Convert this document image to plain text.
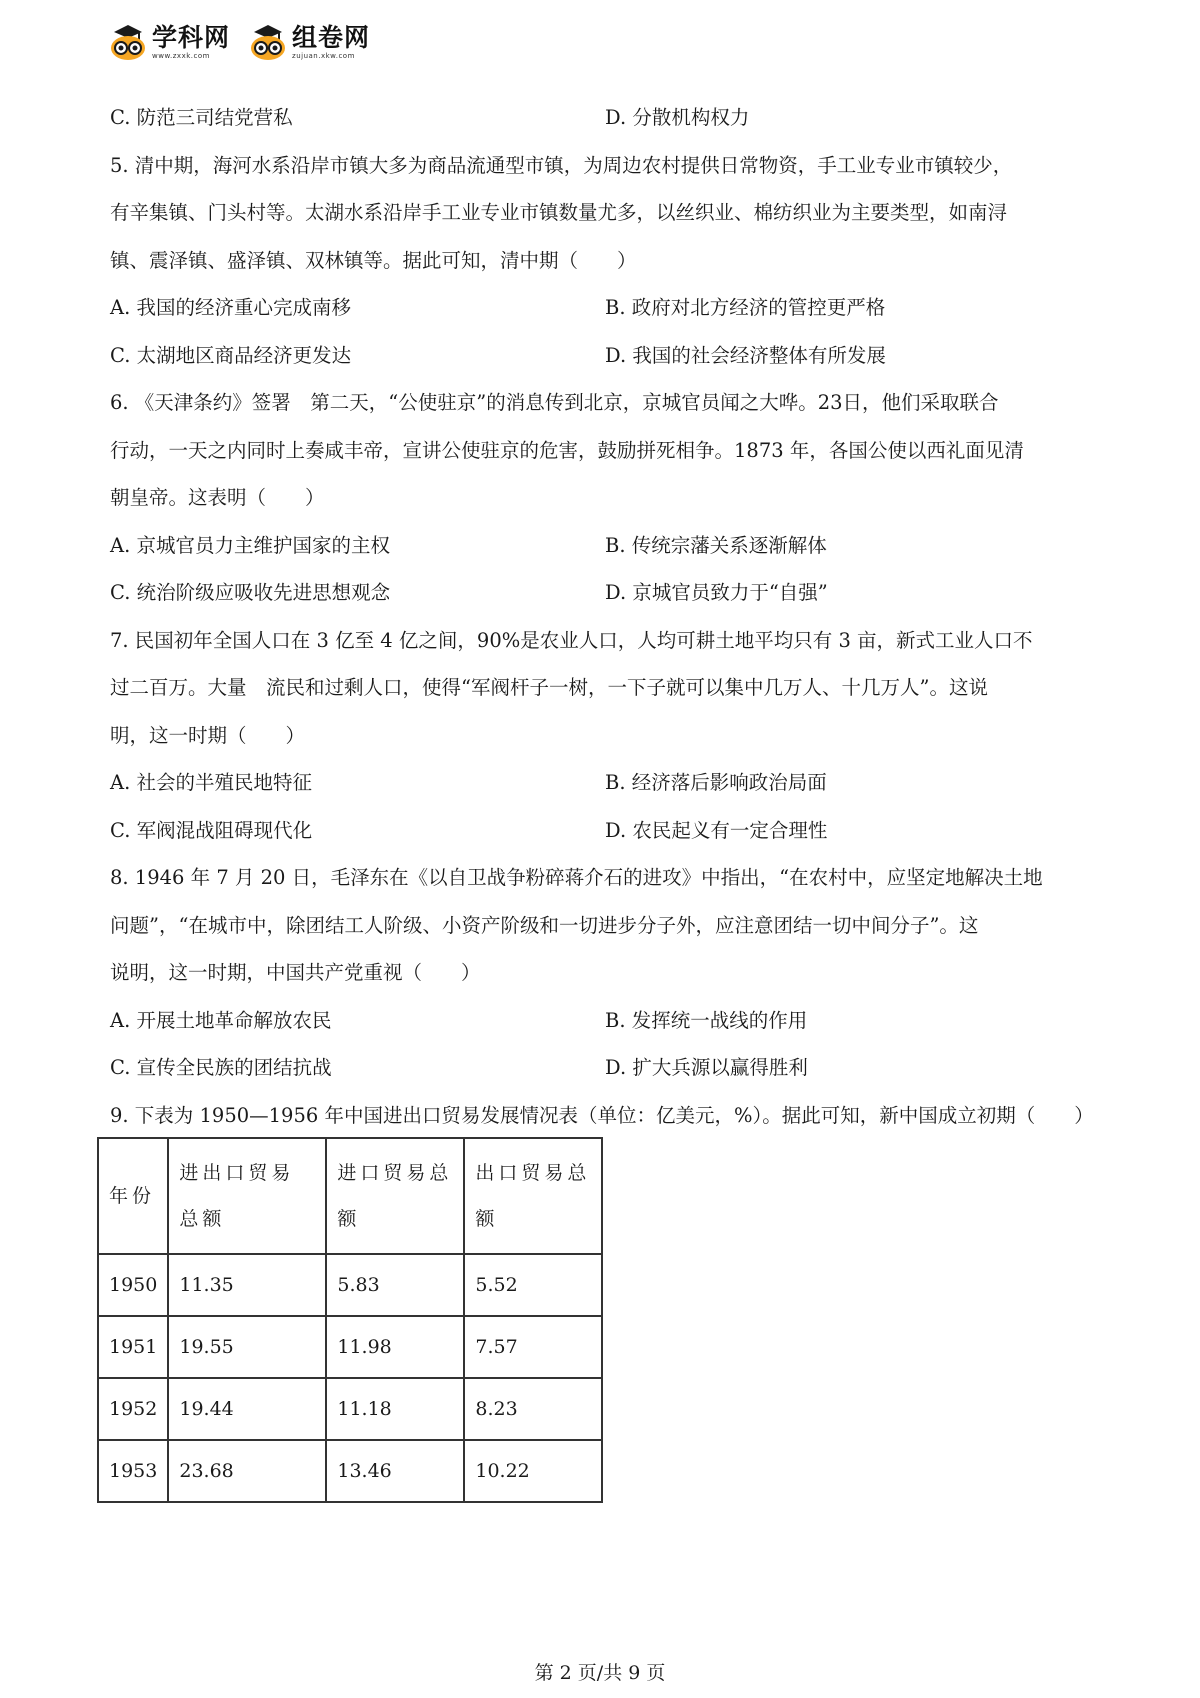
学科网
www.zxxk.com
组卷网
zujuan.xkw.com
C. 防范三司结党营私	D. 分散机构权力
5. 清中期，海河水系沿岸市镇大多为商品流通型市镇，为周边农村提供日常物资，手工业专业市镇较少，
有辛集镇、门头村等。太湖水系沿岸手工业专业市镇数量尤多，以丝织业、棉纺织业为主要类型，如南浔
镇、震泽镇、盛泽镇、双林镇等。据此可知，清中期（　　）
A. 我国的经济重心完成南移	B. 政府对北方经济的管控更严格
C. 太湖地区商品经济更发达	D. 我国的社会经济整体有所发展
6. 《天津条约》签署　第二天，“公使驻京”的消息传到北京，京城官员闻之大哗。23日，他们采取联合
行动，一天之内同时上奏咸丰帝，宣讲公使驻京的危害，鼓励拼死相争。1873 年，各国公使以西礼面见清
朝皇帝。这表明（　　）
A. 京城官员力主维护国家的主权	B. 传统宗藩关系逐渐解体
C. 统治阶级应吸收先进思想观念	D. 京城官员致力于“自强”
7. 民国初年全国人口在 3 亿至 4 亿之间，90%是农业人口，人均可耕土地平均只有 3 亩，新式工业人口不
过二百万。大量　流民和过剩人口，使得“军阀杆子一树，一下子就可以集中几万人、十几万人”。这说
明，这一时期（　　）
A. 社会的半殖民地特征	B. 经济落后影响政治局面
C. 军阀混战阻碍现代化	D. 农民起义有一定合理性
8. 1946 年 7 月 20 日，毛泽东在《以自卫战争粉碎蒋介石的进攻》中指出，“在农村中，应坚定地解决土地
问题”，“在城市中，除团结工人阶级、小资产阶级和一切进步分子外，应注意团结一切中间分子”。这
说明，这一时期，中国共产党重视（　　）
A. 开展土地革命解放农民	B. 发挥统一战线的作用
C. 宣传全民族的团结抗战	D. 扩大兵源以赢得胜利
9. 下表为 1950—1956 年中国进出口贸易发展情况表（单位：亿美元，%）。据此可知，新中国成立初期（　　）
年份	进出口贸易总额	进口贸易总额	出口贸易总额
1950	11.35	5.83	5.52
1951	19.55	11.98	7.57
1952	19.44	11.18	8.23
1953	23.68	13.46	10.22
第 2 页/共 9 页
